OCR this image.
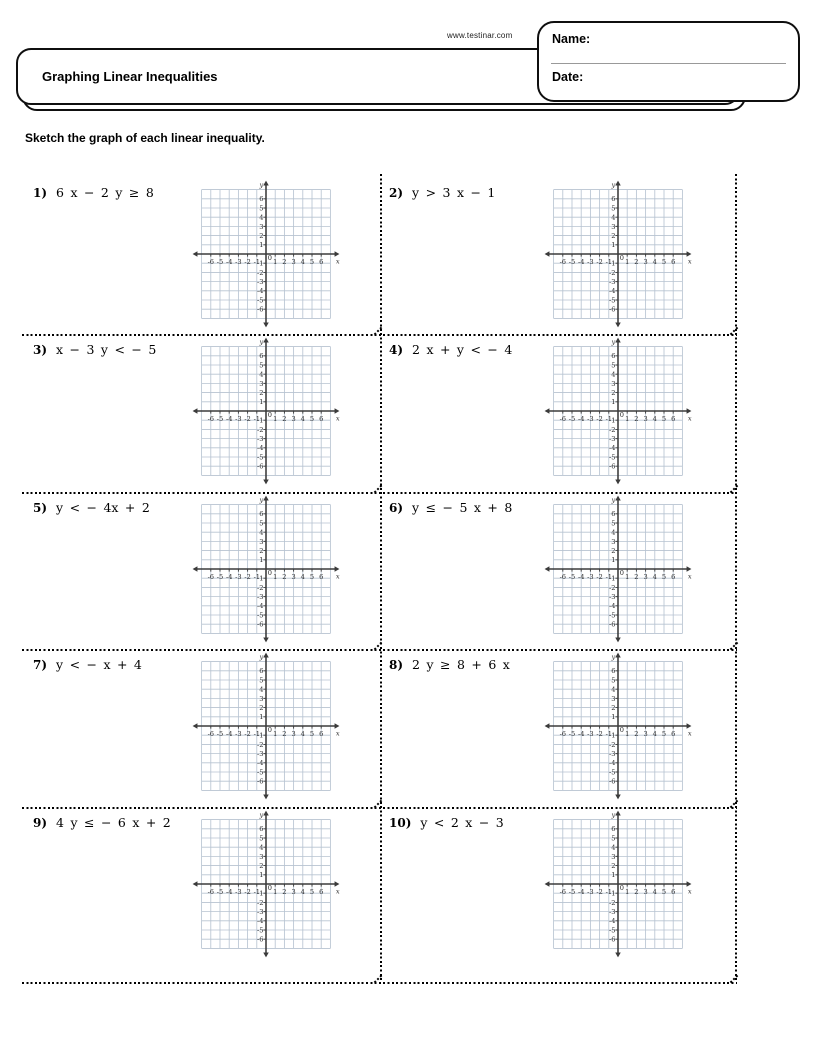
www.testinar.com
Graphing Linear Inequalities
Name:
Date:
Sketch the graph of each linear inequality.
1) 6 x − 2 y ≥ 8	2) y > 3 x − 1
3) x − 3 y < − 5	4) 2 x + y < − 4
5) y < − 4x + 2	6) y ≤ − 5 x + 8
7) y < − x + 4	8) 2 y ≥ 8 + 6 x
9) 4 y ≤ − 6 x + 2	10) y < 2 x − 3
